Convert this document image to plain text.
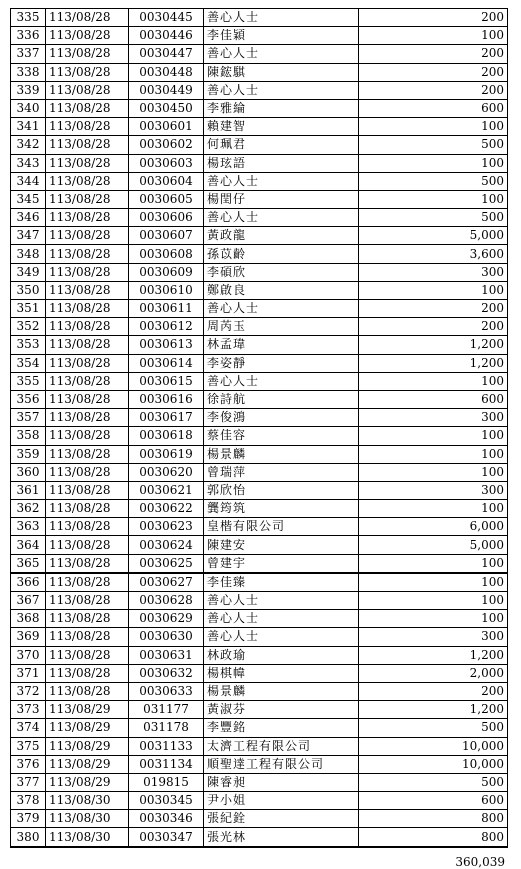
335	113/08/28	0030445	善心人士	200
336	113/08/28	0030446	李佳穎	100
337	113/08/28	0030447	善心人士	200
338	113/08/28	0030448	陳鋐騏	200
339	113/08/28	0030449	善心人士	200
340	113/08/28	0030450	李雅綸	600
341	113/08/28	0030601	賴建智	100
342	113/08/28	0030602	何珮君	500
343	113/08/28	0030603	楊玹語	100
344	113/08/28	0030604	善心人士	500
345	113/08/28	0030605	楊閏仔	100
346	113/08/28	0030606	善心人士	500
347	113/08/28	0030607	黃政龍	5,000
348	113/08/28	0030608	孫苡齡	3,600
349	113/08/28	0030609	李碩欣	300
350	113/08/28	0030610	鄭啟良	100
351	113/08/28	0030611	善心人士	200
352	113/08/28	0030612	周芮玉	200
353	113/08/28	0030613	林孟瑋	1,200
354	113/08/28	0030614	李姿靜	1,200
355	113/08/28	0030615	善心人士	100
356	113/08/28	0030616	徐詩航	600
357	113/08/28	0030617	李俊鴻	300
358	113/08/28	0030618	蔡佳容	100
359	113/08/28	0030619	楊景麟	100
360	113/08/28	0030620	曾瑞萍	100
361	113/08/28	0030621	郭欣怡	300
362	113/08/28	0030622	龔筠筑	100
363	113/08/28	0030623	皇楷有限公司	6,000
364	113/08/28	0030624	陳建安	5,000
365	113/08/28	0030625	曾建宇	100
366	113/08/28	0030627	李佳臻	100
367	113/08/28	0030628	善心人士	100
368	113/08/28	0030629	善心人士	100
369	113/08/28	0030630	善心人士	300
370	113/08/28	0030631	林政瑜	1,200
371	113/08/28	0030632	楊棋幃	2,000
372	113/08/28	0030633	楊景麟	200
373	113/08/29	031177	黃淑芬	1,200
374	113/08/29	031178	李豐銘	500
375	113/08/29	0031133	太濟工程有限公司	10,000
376	113/08/29	0031134	順聖達工程有限公司	10,000
377	113/08/29	019815	陳睿昶	500
378	113/08/30	0030345	尹小姐	600
379	113/08/30	0030346	張紀銓	800
380	113/08/30	0030347	張光林	800
360,039
